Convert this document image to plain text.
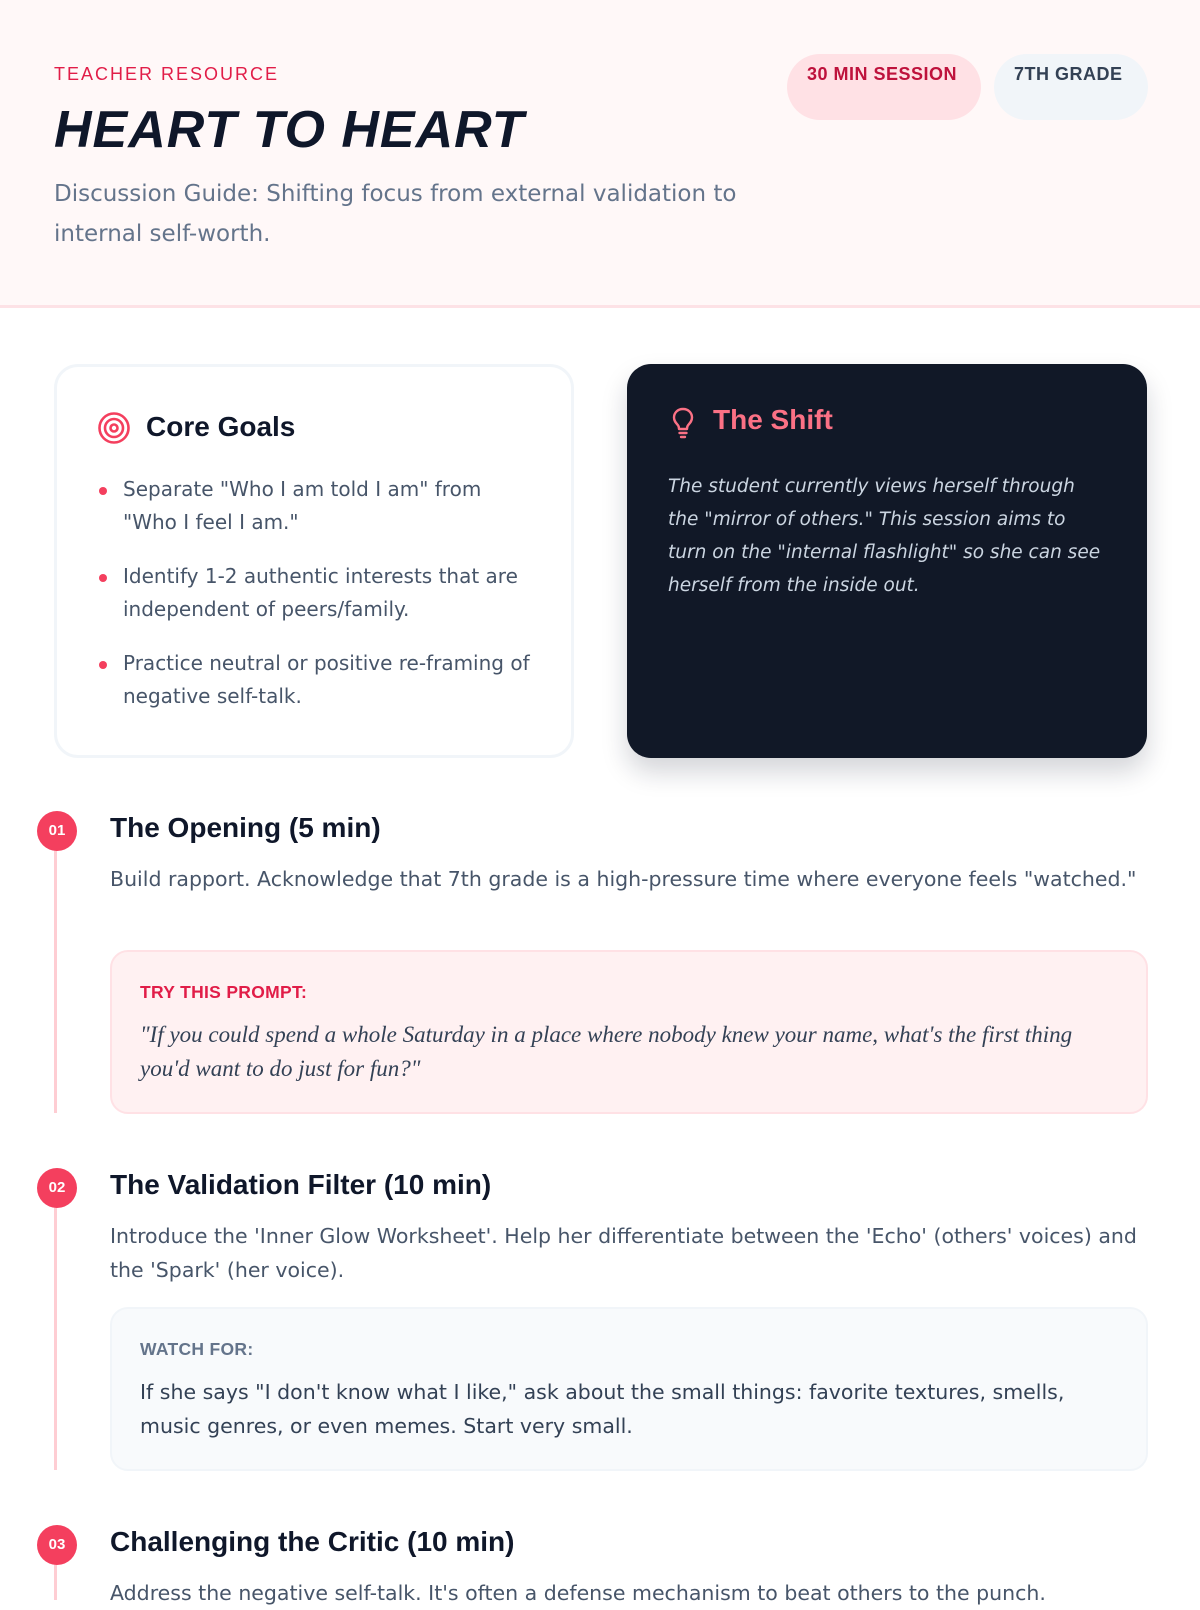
TEACHER RESOURCE
HEART TO HEART
Discussion Guide: Shifting focus from external validation to internal self-worth.
30 MIN SESSION	7TH GRADE
Core Goals
Separate "Who I am told I am" from "Who I feel I am."
Identify 1-2 authentic interests that are independent of peers/family.
Practice neutral or positive re-framing of negative self-talk.
The Shift
The student currently views herself through the "mirror of others." This session aims to turn on the "internal flashlight" so she can see herself from the inside out.
01	The Opening (5 min)
Build rapport. Acknowledge that 7th grade is a high-pressure time where everyone feels "watched."
TRY THIS PROMPT:
"If you could spend a whole Saturday in a place where nobody knew your name, what's the first thing you'd want to do just for fun?"
02	The Validation Filter (10 min)
Introduce the 'Inner Glow Worksheet'. Help her differentiate between the 'Echo' (others' voices) and the 'Spark' (her voice).
WATCH FOR:
If she says "I don't know what I like," ask about the small things: favorite textures, smells, music genres, or even memes. Start very small.
03	Challenging the Critic (10 min)
Address the negative self-talk. It's often a defense mechanism to beat others to the punch.
